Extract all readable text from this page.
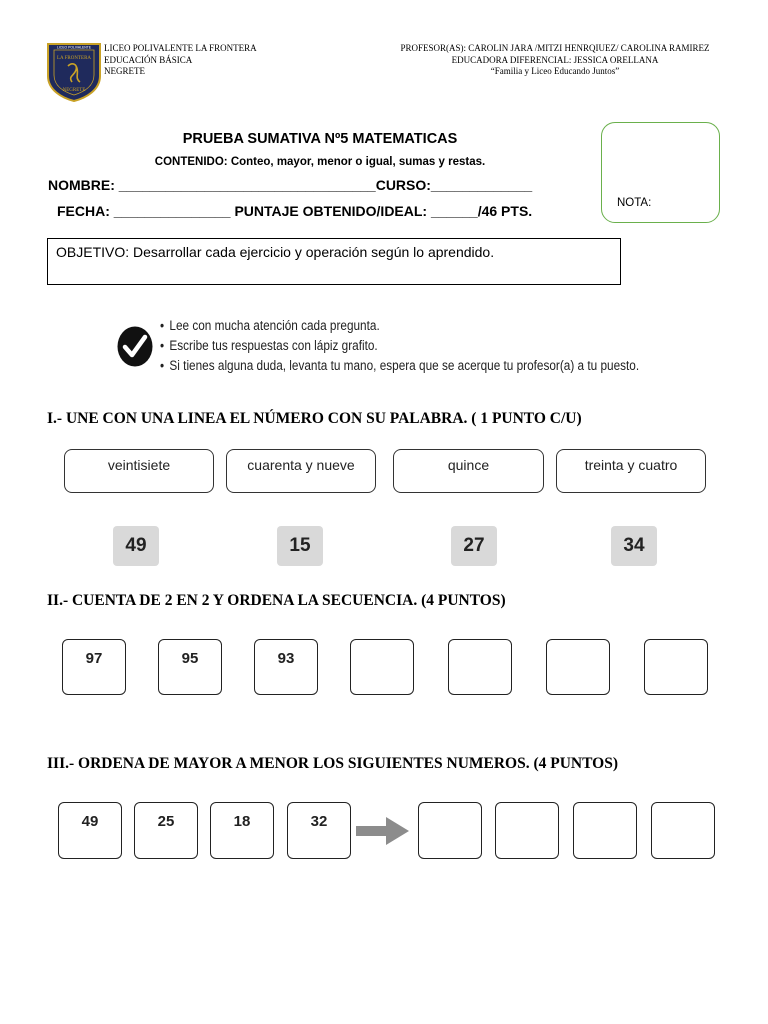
LICEO POLIVALENTE
LA FRONTERA
NEGRETE
LICEO POLIVALENTE LA FRONTERA
EDUCACIÓN BÁSICA
NEGRETE
PROFESOR(AS): CAROLIN JARA /MITZI HENRQIUEZ/ CAROLINA RAMIREZ
EDUCADORA DIFERENCIAL: JESSICA ORELLANA
“Familia y Liceo Educando Juntos”
PRUEBA SUMATIVA Nº5 MATEMATICAS
CONTENIDO: Conteo, mayor, menor o igual, sumas y restas.
NOMBRE: _________________________________CURSO:_____________
FECHA: _______________ PUNTAJE OBTENIDO/IDEAL: ______/46 PTS.	NOTA:
OBJETIVO: Desarrollar cada ejercicio y operación según lo aprendido.
• Lee con mucha atención cada pregunta.
• Escribe tus respuestas con lápiz grafito.
• Si tienes alguna duda, levanta tu mano, espera que se acerque tu profesor(a) a tu puesto.
I.- UNE CON UNA LINEA EL NÚMERO CON SU PALABRA. ( 1 PUNTO C/U)
veintisiete	cuarenta y nueve	quince	treinta y cuatro
49	15	27	34
II.- CUENTA DE 2 EN 2 Y ORDENA LA SECUENCIA. (4 PUNTOS)
97	95	93
III.- ORDENA DE MAYOR A MENOR LOS SIGUIENTES NUMEROS. (4 PUNTOS)
49	25	18	32
